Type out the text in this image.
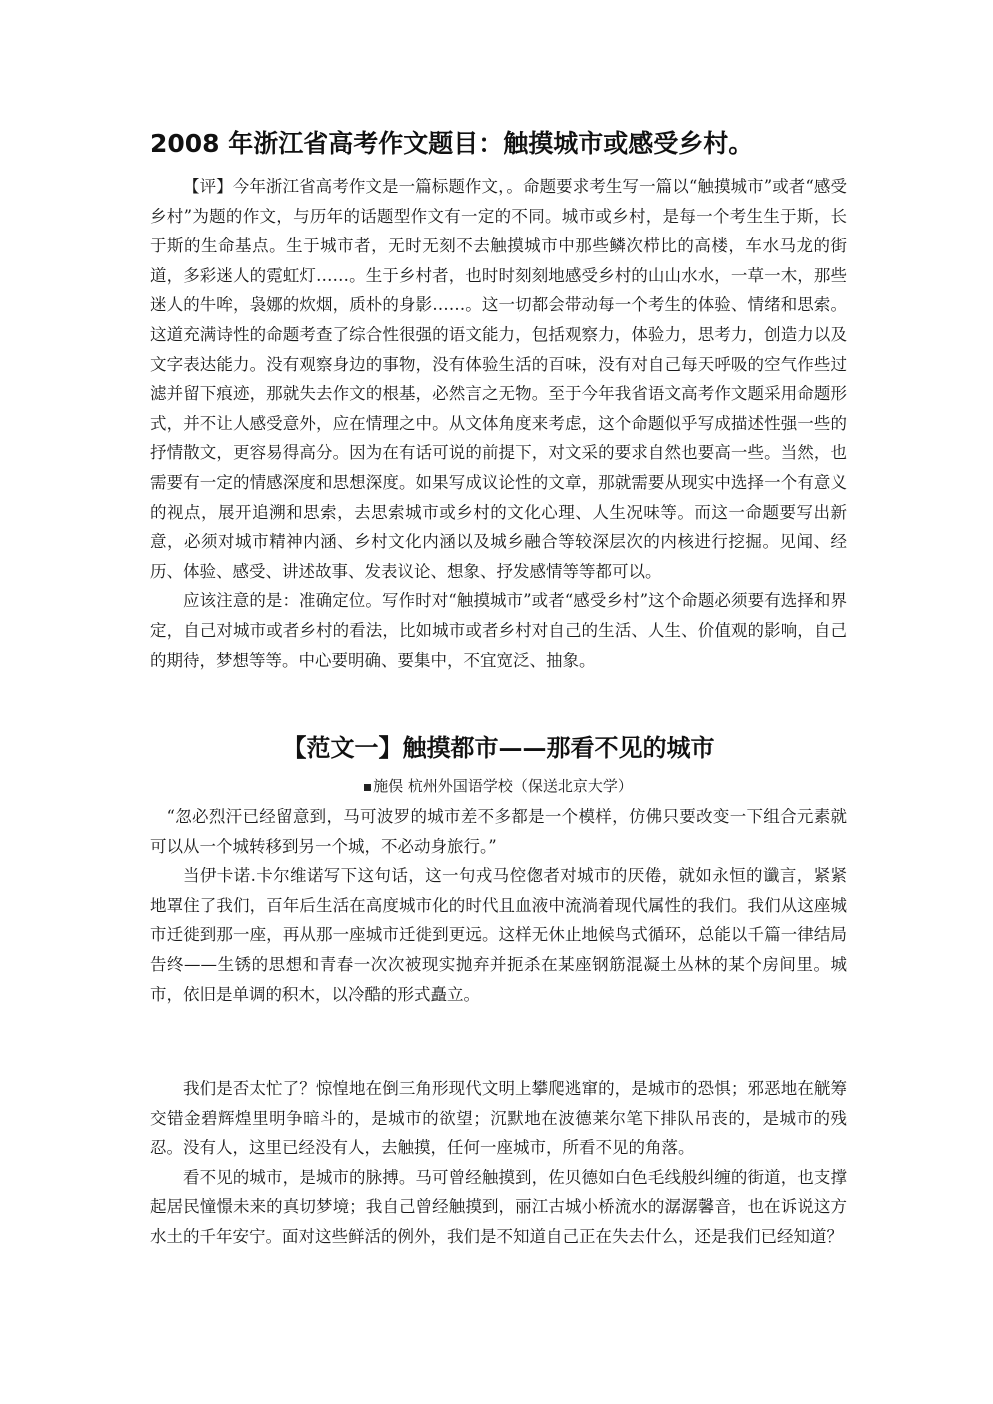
2008 年浙江省高考作文题目：触摸城市或感受乡村。

【评】今年浙江省高考作文是一篇标题作文，。命题要求考生写一篇以“触摸城市”或者“感受乡村”为题的作文，与历年的话题型作文有一定的不同。城市或乡村，是每一个考生生于斯，长于斯的生命基点。生于城市者，无时无刻不去触摸城市中那些鳞次栉比的高楼，车水马龙的街道，多彩迷人的霓虹灯……。生于乡村者，也时时刻刻地感受乡村的山山水水，一草一木，那些迷人的牛哞，袅娜的炊烟，质朴的身影……。这一切都会带动每一个考生的体验、情绪和思索。这道充满诗性的命题考查了综合性很强的语文能力，包括观察力，体验力，思考力，创造力以及文字表达能力。没有观察身边的事物，没有体验生活的百味，没有对自己每天呼吸的空气作些过滤并留下痕迹，那就失去作文的根基，必然言之无物。至于今年我省语文高考作文题采用命题形式，并不让人感受意外，应在情理之中。从文体角度来考虑，这个命题似乎写成描述性强一些的抒情散文，更容易得高分。因为在有话可说的前提下，对文采的要求自然也要高一些。当然，也需要有一定的情感深度和思想深度。如果写成议论性的文章，那就需要从现实中选择一个有意义的视点，展开追溯和思索，去思索城市或乡村的文化心理、人生况味等。而这一命题要写出新意，必须对城市精神内涵、乡村文化内涵以及城乡融合等较深层次的内核进行挖掘。见闻、经历、体验、感受、讲述故事、发表议论、想象、抒发感情等等都可以。

应该注意的是：准确定位。写作时对“触摸城市”或者“感受乡村”这个命题必须要有选择和界定，自己对城市或者乡村的看法，比如城市或者乡村对自己的生活、人生、价值观的影响，自己的期待，梦想等等。中心要明确、要集中，不宜宽泛、抽象。

【范文一】触摸都市——那看不见的城市
施俣 杭州外国语学校（保送北京大学）

“忽必烈汗已经留意到，马可波罗的城市差不多都是一个模样，仿佛只要改变一下组合元素就可以从一个城转移到另一个城，不必动身旅行。”

当伊卡诺.卡尔维诺写下这句话，这一句戎马倥偬者对城市的厌倦，就如永恒的谶言，紧紧地罩住了我们，百年后生活在高度城市化的时代且血液中流淌着现代属性的我们。我们从这座城市迁徙到那一座，再从那一座城市迁徙到更远。这样无休止地候鸟式循环，总能以千篇一律结局告终——生锈的思想和青春一次次被现实抛弃并扼杀在某座钢筋混凝土丛林的某个房间里。城市，依旧是单调的积木，以冷酷的形式矗立。

我们是否太忙了？惊惶地在倒三角形现代文明上攀爬逃窜的，是城市的恐惧；邪恶地在觥筹交错金碧辉煌里明争暗斗的，是城市的欲望；沉默地在波德莱尔笔下排队吊丧的，是城市的残忍。没有人，这里已经没有人，去触摸，任何一座城市，所看不见的角落。

看不见的城市，是城市的脉搏。马可曾经触摸到，佐贝德如白色毛线般纠缠的街道，也支撑起居民憧憬未来的真切梦境；我自己曾经触摸到，丽江古城小桥流水的潺潺馨音，也在诉说这方水土的千年安宁。面对这些鲜活的例外，我们是不知道自己正在失去什么，还是我们已经知道？
